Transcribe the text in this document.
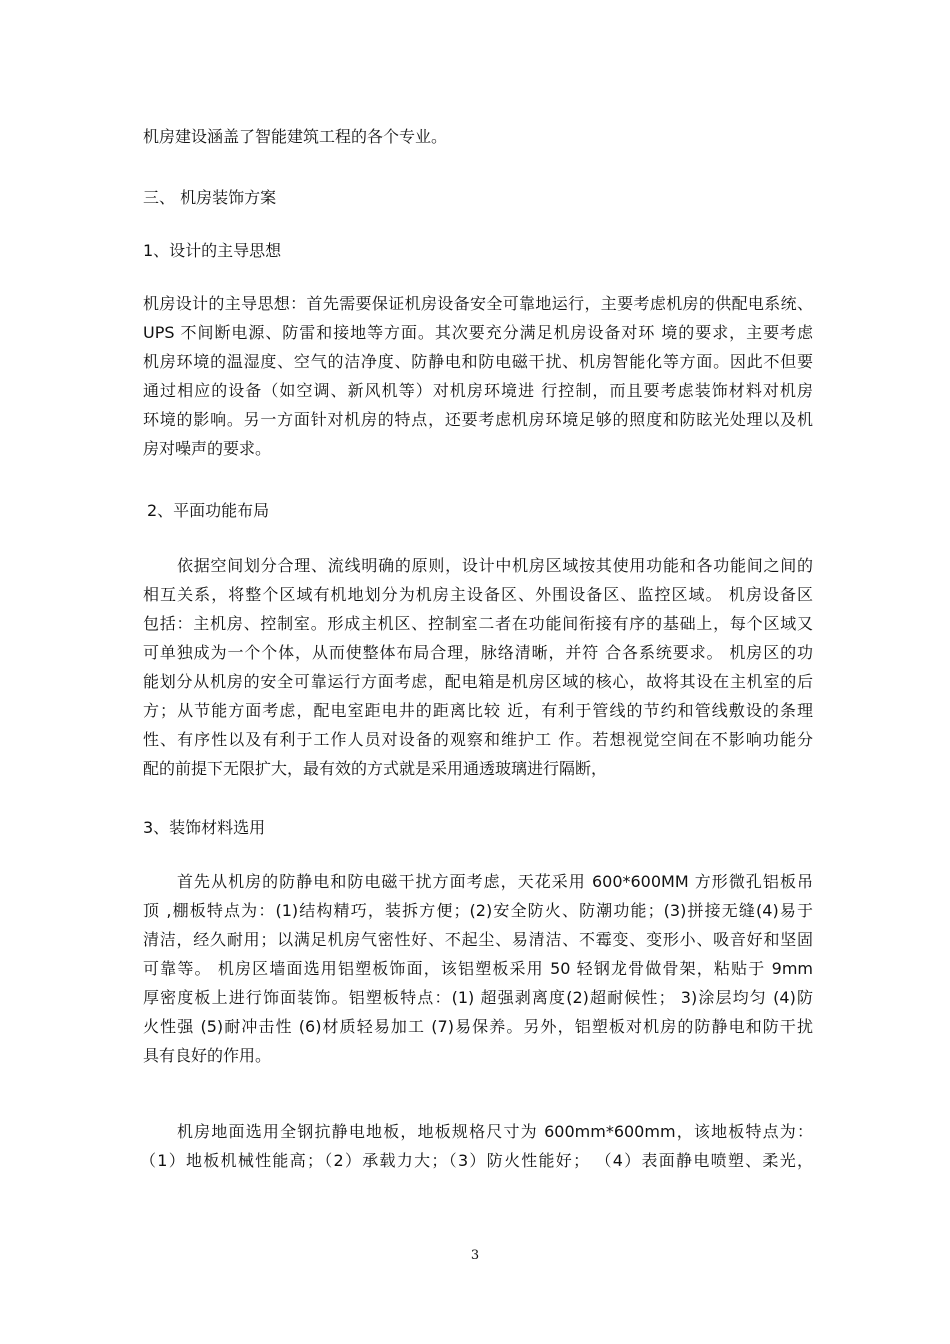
机房建设涵盖了智能建筑工程的各个专业。
三、 机房装饰方案
1、设计的主导思想
机房设计的主导思想：首先需要保证机房设备安全可靠地运行，主要考虑机房的供配电系统、
UPS 不间断电源、防雷和接地等方面。其次要充分满足机房设备对环 境的要求，主要考虑
机房环境的温湿度、空气的洁净度、防静电和防电磁干扰、机房智能化等方面。因此不但要
通过相应的设备（如空调、新风机等）对机房环境进 行控制，而且要考虑装饰材料对机房
环境的影响。另一方面针对机房的特点，还要考虑机房环境足够的照度和防眩光处理以及机
房对噪声的要求。
2、平面功能布局
依据空间划分合理、流线明确的原则，设计中机房区域按其使用功能和各功能间之间的
相互关系，将整个区域有机地划分为机房主设备区、外围设备区、监控区域。 机房设备区
包括：主机房、控制室。形成主机区、控制室二者在功能间衔接有序的基础上，每个区域又
可单独成为一个个体，从而使整体布局合理，脉络清晰，并符 合各系统要求。 机房区的功
能划分从机房的安全可靠运行方面考虑，配电箱是机房区域的核心，故将其设在主机室的后
方；从节能方面考虑，配电室距电井的距离比较 近，有利于管线的节约和管线敷设的条理
性、有序性以及有利于工作人员对设备的观察和维护工 作。若想视觉空间在不影响功能分
配的前提下无限扩大，最有效的方式就是采用通透玻璃进行隔断，
3、装饰材料选用
首先从机房的防静电和防电磁干扰方面考虑，天花采用 600*600MM 方形微孔铝板吊
顶 ,棚板特点为：(1)结构精巧，装拆方便；(2)安全防火、防潮功能；(3)拼接无缝(4)易于
清洁，经久耐用；以满足机房气密性好、不起尘、易清洁、不霉变、变形小、吸音好和坚固
可靠等。 机房区墙面选用铝塑板饰面，该铝塑板采用 50 轻钢龙骨做骨架，粘贴于 9mm
厚密度板上进行饰面装饰。铝塑板特点：(1) 超强剥离度(2)超耐候性； 3)涂层均匀 (4)防
火性强 (5)耐冲击性 (6)材质轻易加工 (7)易保养。另外，铝塑板对机房的防静电和防干扰
具有良好的作用。
机房地面选用全钢抗静电地板，地板规格尺寸为 600mm*600mm，该地板特点为：
（1）地板机械性能高；（2）承载力大；（3）防火性能好； （4）表面静电喷塑、柔光，
3
